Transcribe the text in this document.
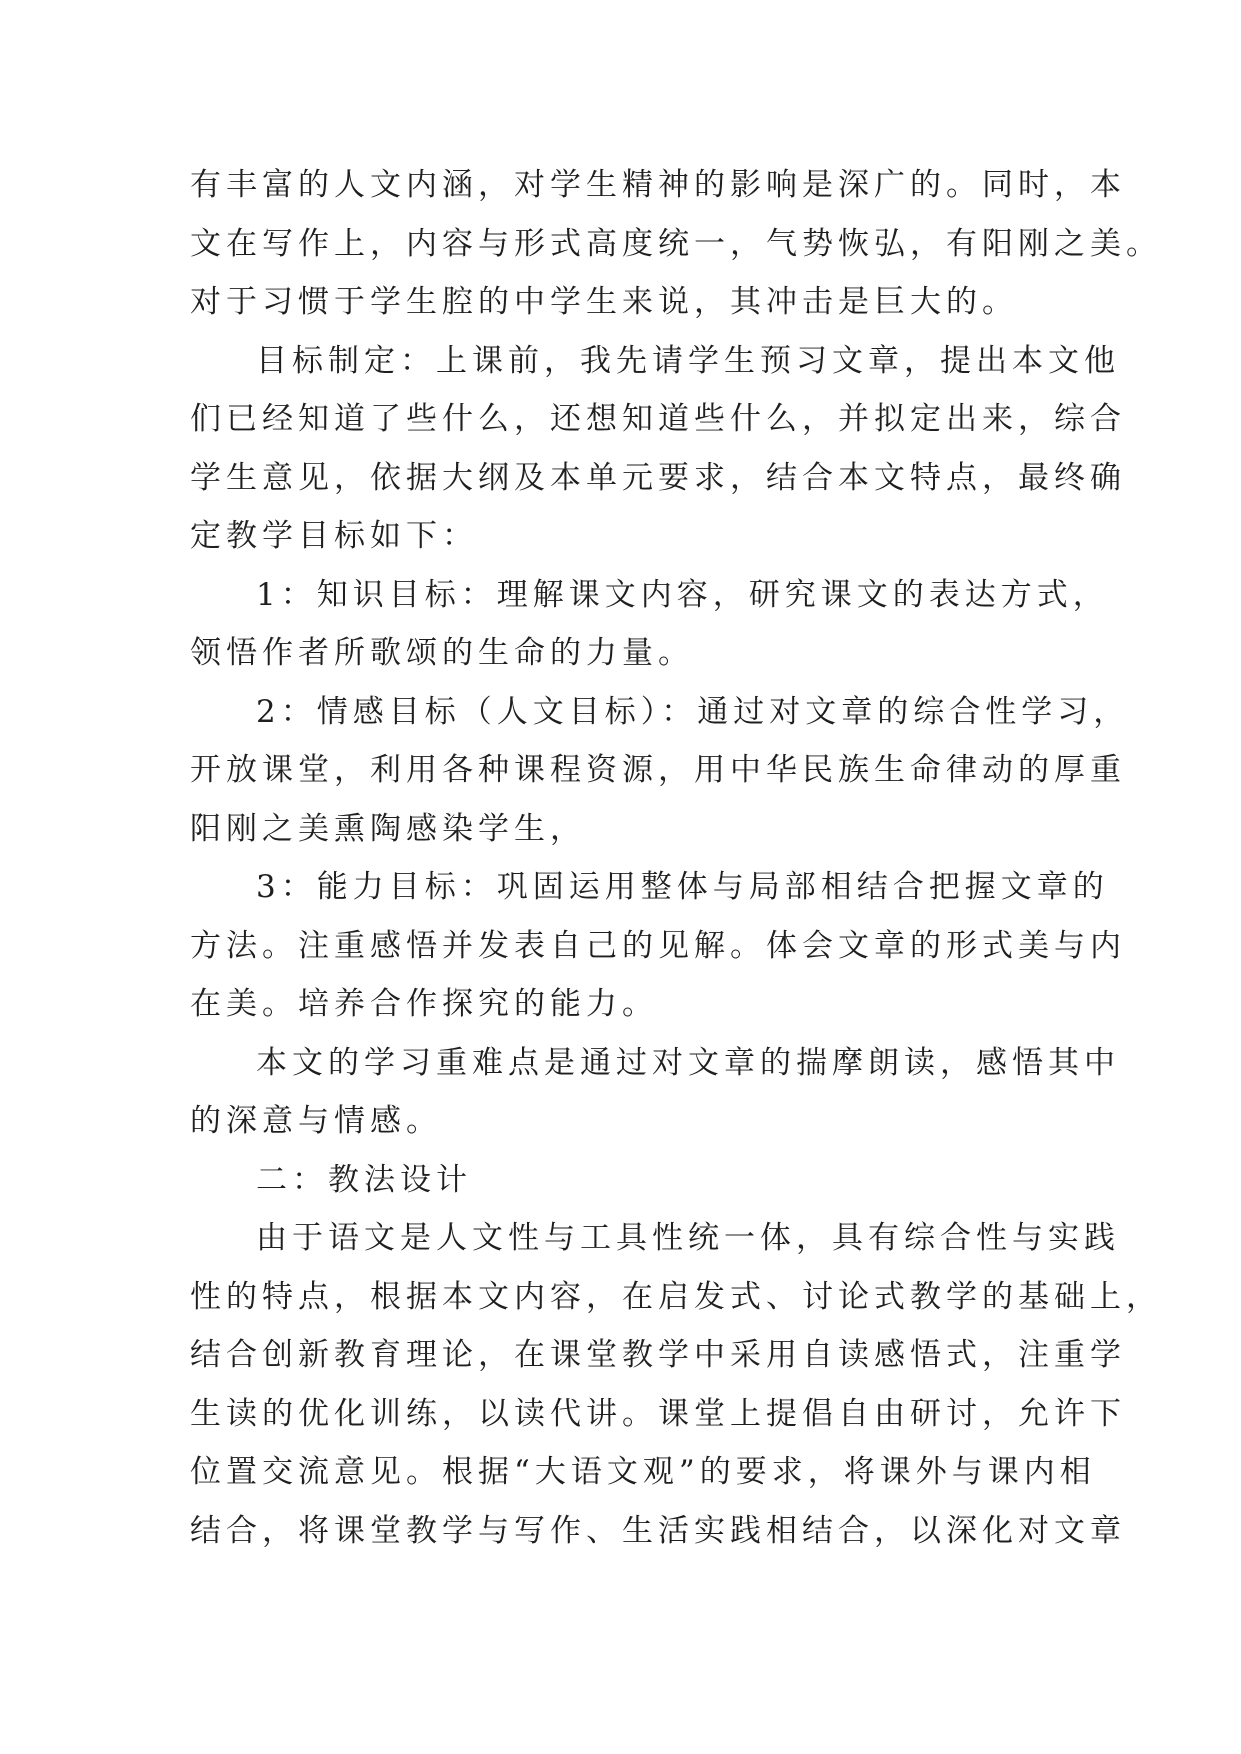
有丰富的人文内涵，对学生精神的影响是深广的。同时，本
文在写作上，内容与形式高度统一，气势恢弘，有阳刚之美。
对于习惯于学生腔的中学生来说，其冲击是巨大的。
目标制定：上课前，我先请学生预习文章，提出本文他
们已经知道了些什么，还想知道些什么，并拟定出来，综合
学生意见，依据大纲及本单元要求，结合本文特点，最终确
定教学目标如下：
1：知识目标：理解课文内容，研究课文的表达方式，
领悟作者所歌颂的生命的力量。
2：情感目标（人文目标）：通过对文章的综合性学习，
开放课堂，利用各种课程资源，用中华民族生命律动的厚重
阳刚之美熏陶感染学生，
3：能力目标：巩固运用整体与局部相结合把握文章的
方法。注重感悟并发表自己的见解。体会文章的形式美与内
在美。培养合作探究的能力。
本文的学习重难点是通过对文章的揣摩朗读，感悟其中
的深意与情感。
二：教法设计
由于语文是人文性与工具性统一体，具有综合性与实践
性的特点，根据本文内容，在启发式、讨论式教学的基础上，
结合创新教育理论，在课堂教学中采用自读感悟式，注重学
生读的优化训练，以读代讲。课堂上提倡自由研讨，允许下
位置交流意见。根据“大语文观”的要求，将课外与课内相
结合，将课堂教学与写作、生活实践相结合，以深化对文章
